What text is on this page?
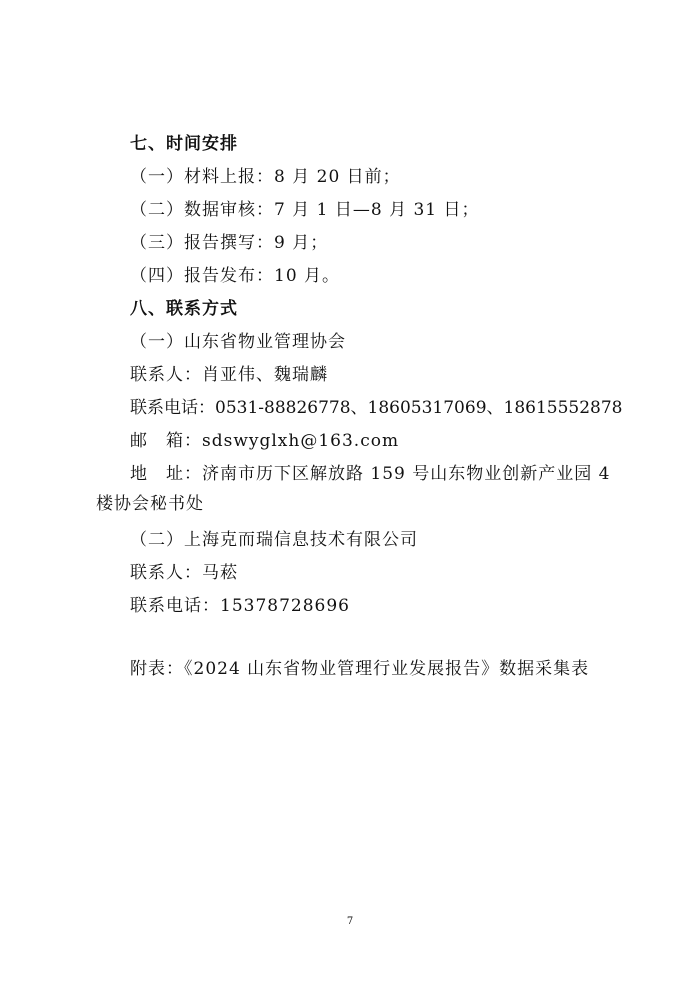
七、时间安排
（一）材料上报：8 月 20 日前；
（二）数据审核：7 月 1 日—8 月 31 日；
（三）报告撰写：9 月；
（四）报告发布：10 月。
八、联系方式
（一）山东省物业管理协会
联系人：肖亚伟、魏瑞麟
联系电话：0531-88826778、18605317069、18615552878
邮　箱：sdswyglxh@163.com
地　址：济南市历下区解放路 159 号山东物业创新产业园 4
楼协会秘书处
（二）上海克而瑞信息技术有限公司
联系人：马菘
联系电话：15378728696
附表：《2024 山东省物业管理行业发展报告》数据采集表
7
